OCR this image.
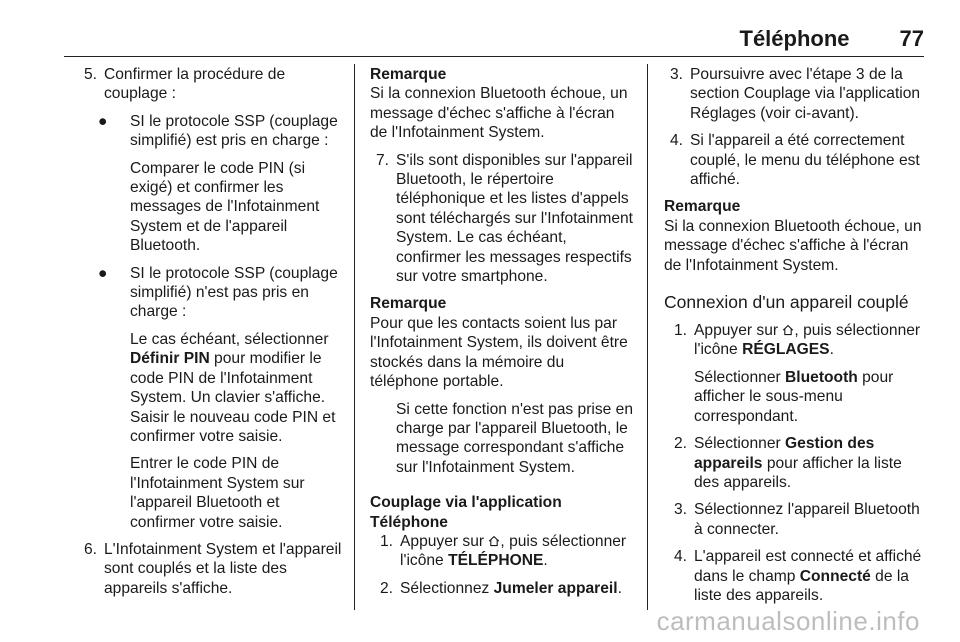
Téléphone 77

5. Confirmer la procédure de couplage :

● SI le protocole SSP (couplage simplifié) est pris en charge :

Comparer le code PIN (si exigé) et confirmer les messages de l'Infotainment System et de l'appareil Bluetooth.

● SI le protocole SSP (couplage simplifié) n'est pas pris en charge :

Le cas échéant, sélectionner Définir PIN pour modifier le code PIN de l'Infotainment System. Un clavier s'affiche. Saisir le nouveau code PIN et confirmer votre saisie.

Entrer le code PIN de l'Infotainment System sur l'appareil Bluetooth et confirmer votre saisie.

6. L'Infotainment System et l'appareil sont couplés et la liste des appareils s'affiche.

Remarque

Si la connexion Bluetooth échoue, un message d'échec s'affiche à l'écran de l'Infotainment System.

7. S'ils sont disponibles sur l'appareil Bluetooth, le répertoire téléphonique et les listes d'appels sont téléchargés sur l'Infotainment System. Le cas échéant, confirmer les messages respectifs sur votre smartphone.

Remarque

Pour que les contacts soient lus par l'Infotainment System, ils doivent être stockés dans la mémoire du téléphone portable.

Si cette fonction n'est pas prise en charge par l'appareil Bluetooth, le message correspondant s'affiche sur l'Infotainment System.

Couplage via l'application Téléphone

1. Appuyer sur , puis sélectionner l'icône TÉLÉPHONE.

2. Sélectionnez Jumeler appareil.

3. Poursuivre avec l'étape 3 de la section Couplage via l'application Réglages (voir ci-avant).

4. Si l'appareil a été correctement couplé, le menu du téléphone est affiché.

Remarque

Si la connexion Bluetooth échoue, un message d'échec s'affiche à l'écran de l'Infotainment System.

Connexion d'un appareil couplé

1. Appuyer sur , puis sélectionner l'icône RÉGLAGES.

Sélectionner Bluetooth pour afficher le sous-menu correspondant.

2. Sélectionner Gestion des appareils pour afficher la liste des appareils.

3. Sélectionnez l'appareil Bluetooth à connecter.

4. L'appareil est connecté et affiché dans le champ Connecté de la liste des appareils.

carmanualsonline.info
